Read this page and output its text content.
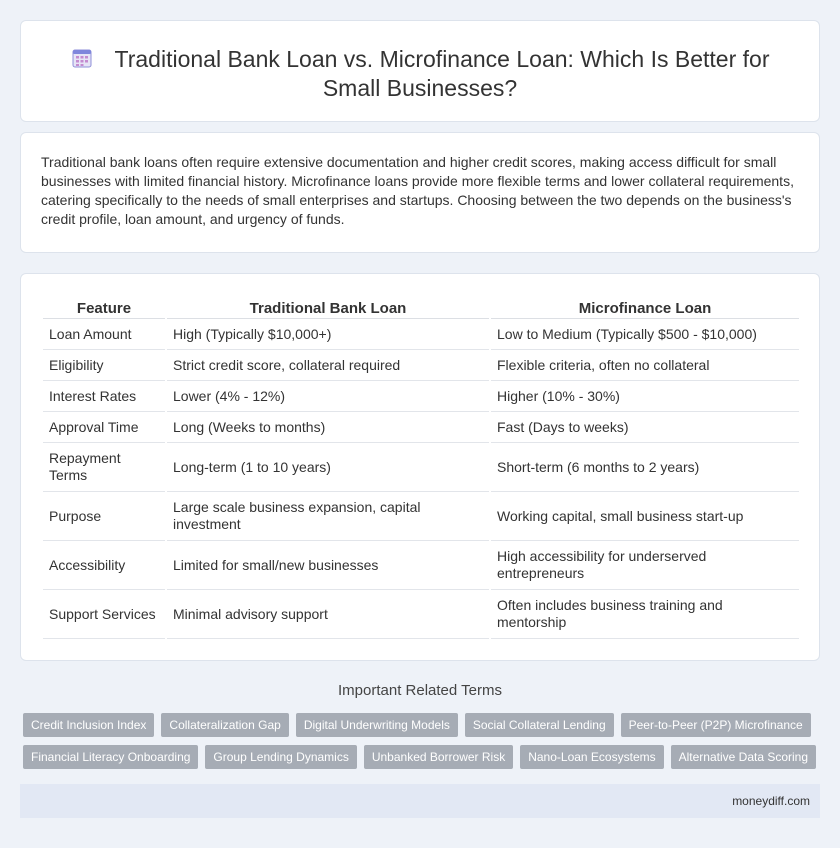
Traditional Bank Loan vs. Microfinance Loan: Which Is Better for Small Businesses?

Traditional bank loans often require extensive documentation and higher credit scores, making access difficult for small businesses with limited financial history. Microfinance loans provide more flexible terms and lower collateral requirements, catering specifically to the needs of small enterprises and startups. Choosing between the two depends on the business's credit profile, loan amount, and urgency of funds.

Feature	Traditional Bank Loan	Microfinance Loan
Loan Amount	High (Typically $10,000+)	Low to Medium (Typically $500 - $10,000)
Eligibility	Strict credit score, collateral required	Flexible criteria, often no collateral
Interest Rates	Lower (4% - 12%)	Higher (10% - 30%)
Approval Time	Long (Weeks to months)	Fast (Days to weeks)
Repayment Terms	Long-term (1 to 10 years)	Short-term (6 months to 2 years)
Purpose	Large scale business expansion, capital investment	Working capital, small business start-up
Accessibility	Limited for small/new businesses	High accessibility for underserved entrepreneurs
Support Services	Minimal advisory support	Often includes business training and mentorship
Important Related Terms
Credit Inclusion Index	Collateralization Gap	Digital Underwriting Models	Social Collateral Lending	Peer-to-Peer (P2P) Microfinance
Financial Literacy Onboarding	Group Lending Dynamics	Unbanked Borrower Risk	Nano-Loan Ecosystems	Alternative Data Scoring
moneydiff.com
